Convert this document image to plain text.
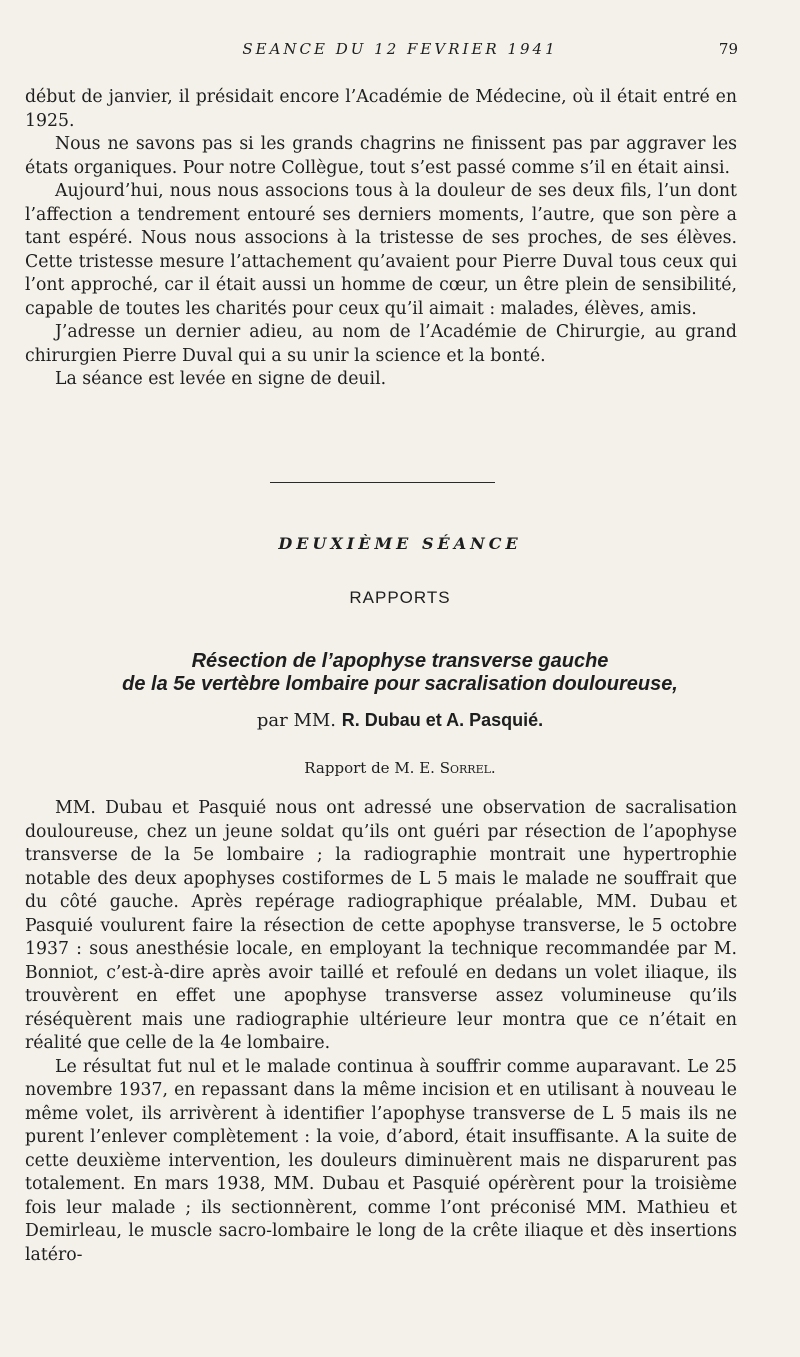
SEANCE DU 12 FEVRIER 1941	79

début de janvier, il présidait encore l’Académie de Médecine, où il était entré en 1925.

Nous ne savons pas si les grands chagrins ne finissent pas par aggraver les états organiques. Pour notre Collègue, tout s’est passé comme s’il en était ainsi.

Aujourd’hui, nous nous associons tous à la douleur de ses deux fils, l’un dont l’affection a tendrement entouré ses derniers moments, l’autre, que son père a tant espéré. Nous nous associons à la tristesse de ses proches, de ses élèves. Cette tristesse mesure l’attachement qu’avaient pour Pierre Duval tous ceux qui l’ont approché, car il était aussi un homme de cœur, un être plein de sensibilité, capable de toutes les charités pour ceux qu’il aimait : malades, élèves, amis.

J’adresse un dernier adieu, au nom de l’Académie de Chirurgie, au grand chirurgien Pierre Duval qui a su unir la science et la bonté.

La séance est levée en signe de deuil.

DEUXIÈME SÉANCE
RAPPORTS
Résection de l’apophyse transverse gauche
de la 5e vertèbre lombaire pour sacralisation douloureuse,
par MM. R. Dubau et A. Pasquié.
Rapport de M. E. Sorrel.

MM. Dubau et Pasquié nous ont adressé une observation de sacralisation douloureuse, chez un jeune soldat qu’ils ont guéri par résection de l’apophyse transverse de la 5e lombaire ; la radiographie montrait une hypertrophie notable des deux apophyses costiformes de L 5 mais le malade ne souffrait que du côté gauche. Après repérage radiographique préalable, MM. Dubau et Pasquié voulurent faire la résection de cette apophyse transverse, le 5 octobre 1937 : sous anesthésie locale, en employant la technique recommandée par M. Bonniot, c’est-à-dire après avoir taillé et refoulé en dedans un volet iliaque, ils trouvèrent en effet une apophyse transverse assez volumineuse qu’ils réséquèrent mais une radiographie ultérieure leur montra que ce n’était en réalité que celle de la 4e lombaire.

Le résultat fut nul et le malade continua à souffrir comme auparavant. Le 25 novembre 1937, en repassant dans la même incision et en utilisant à nouveau le même volet, ils arrivèrent à identifier l’apophyse transverse de L 5 mais ils ne purent l’enlever complètement : la voie, d’abord, était insuffisante. A la suite de cette deuxième intervention, les douleurs diminuèrent mais ne disparurent pas totalement. En mars 1938, MM. Dubau et Pasquié opérèrent pour la troisième fois leur malade ; ils sectionnèrent, comme l’ont préconisé MM. Mathieu et Demirleau, le muscle sacro-lombaire le long de la crête iliaque et dès insertions latéro-
